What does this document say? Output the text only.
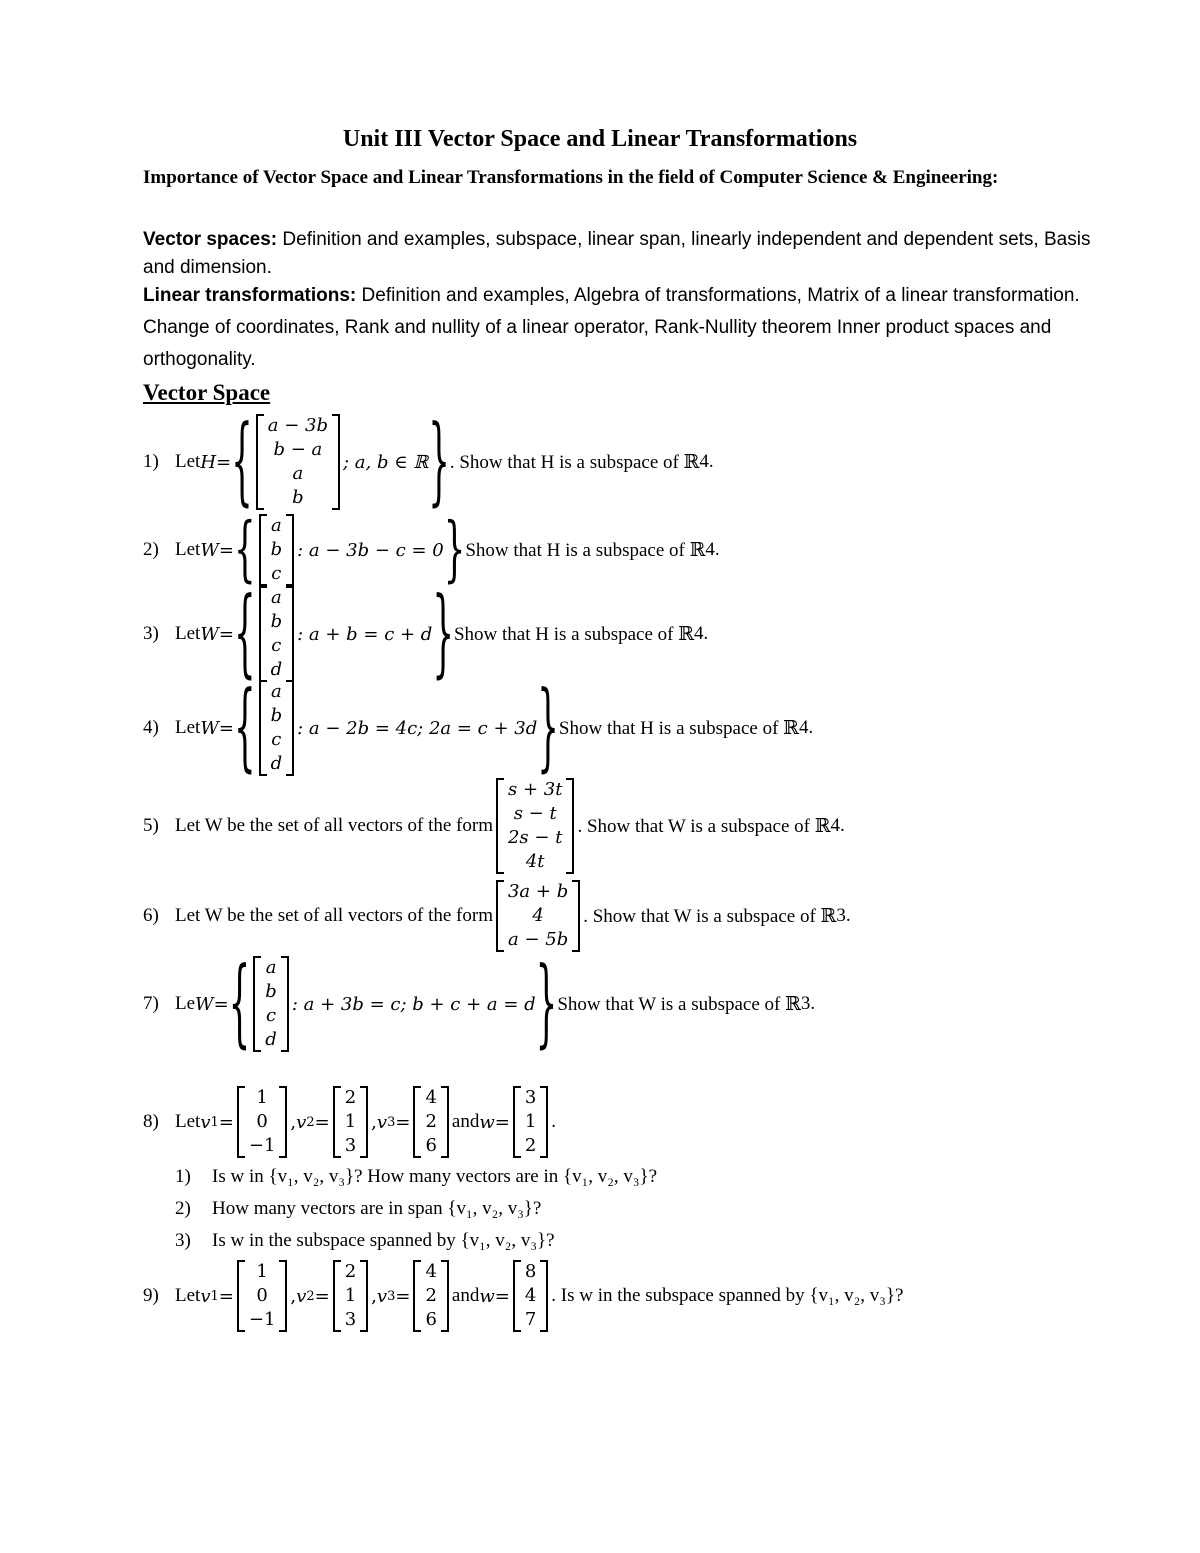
Unit III Vector Space and Linear Transformations
Importance of Vector Space and Linear Transformations in the field of Computer Science & Engineering:
Vector spaces: Definition and examples, subspace, linear span, linearly independent and dependent sets, Basis and dimension.
Linear transformations: Definition and examples, Algebra of transformations, Matrix of a linear transformation. Change of coordinates, Rank and nullity of a linear operator, Rank-Nullity theorem Inner product spaces and orthogonality.
Vector Space
1) Let H = { a − 3b
b − a
a
b
; a, b ∈ ℝ } . Show that H is a subspace of ℝ 4 .
2) Let W = { a
b
c
: a − 3b − c = 0 } Show that H is a subspace of ℝ 4 .
3) Let W = { a
b
c
d
: a + b = c + d } Show that H is a subspace of ℝ 4 .
4) Let W = { a
b
c
d
: a − 2b = 4c; 2a = c + 3d } Show that H is a subspace of ℝ 4 .
5) Let W be the set of all vectors of the form
s + 3t
s − t
2s − t
4t
. Show that W is a subspace of ℝ 4 .
6) Let W be the set of all vectors of the form
3a + b
4
a − 5b
. Show that W is a subspace of ℝ 3 .
7) Le W = { a
b
c
d
: a + 3b = c; b + c + a = d } Show that W is a subspace of ℝ 3 .
8) Let v 1 =
1
0
−1
, v 2 =
2
1
3
, v 3 =
4
2
6
and w =
3
1
2
.
1) Is w in {v₁, v₂, v₃}? How many vectors are in {v₁, v₂, v₃}?
2) How many vectors are in span {v₁, v₂, v₃}?
3) Is w in the subspace spanned by {v₁, v₂, v₃}?
9) Let v 1 =
1
0
−1
, v 2 =
2
1
3
, v 3 =
4
2
6
and w =
8
4
7
. Is w in the subspace spanned by {v₁, v₂, v₃}?
